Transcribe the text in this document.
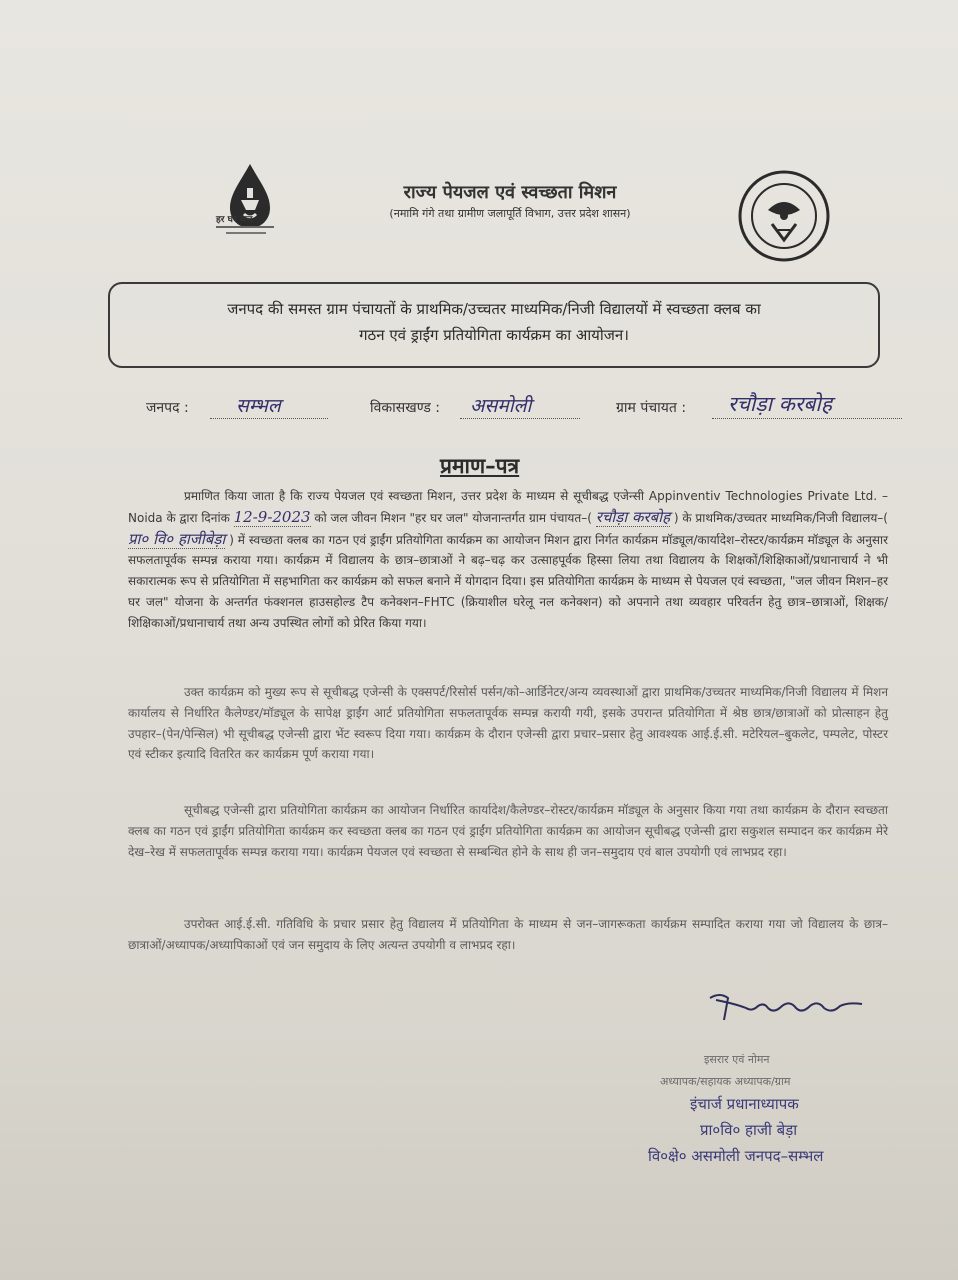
हर घर जल
राज्य पेयजल एवं स्वच्छता मिशन
(नमामि गंगे तथा ग्रामीण जलापूर्ति विभाग, उत्तर प्रदेश शासन)
जनपद की समस्त ग्राम पंचायतों के प्राथमिक/उच्चतर माध्यमिक/निजी विद्यालयों में स्वच्छता क्लब का
गठन एवं ड्राईंग प्रतियोगिता कार्यक्रम का आयोजन।
जनपद : सम्भल	विकासखण्ड : असमोली	ग्राम पंचायत : रचौड़ा करबोह
प्रमाण–पत्र
प्रमाणित किया जाता है कि राज्य पेयजल एवं स्वच्छता मिशन, उत्तर प्रदेश के माध्यम से सूचीबद्ध एजेन्सी Appinventiv Technologies Private Ltd. – Noida के द्वारा दिनांक 12-9-2023 को जल जीवन मिशन "हर घर जल" योजनान्तर्गत ग्राम पंचायत–( रचौड़ा करबोह ) के प्राथमिक/उच्चतर माध्यमिक/निजी विद्यालय–( प्रा० वि० हाजीबेड़ा ) में स्वच्छता क्लब का गठन एवं ड्राईंग प्रतियोगिता कार्यक्रम का आयोजन मिशन द्वारा निर्गत कार्यक्रम मॉड्यूल/कार्यादेश–रोस्टर/कार्यक्रम मॉड्यूल के अनुसार सफलतापूर्वक सम्पन्न कराया गया। कार्यक्रम में विद्यालय के छात्र–छात्राओं ने बढ़–चढ़ कर उत्साहपूर्वक हिस्सा लिया तथा विद्यालय के शिक्षकों/शिक्षिकाओं/प्रधानाचार्य ने भी सकारात्मक रूप से प्रतियोगिता में सहभागिता कर कार्यक्रम को सफल बनाने में योगदान दिया। इस प्रतियोगिता कार्यक्रम के माध्यम से पेयजल एवं स्वच्छता, "जल जीवन मिशन–हर घर जल" योजना के अन्तर्गत फंक्शनल हाउसहोल्ड टैप कनेक्शन–FHTC (क्रियाशील घरेलू नल कनेक्शन) को अपनाने तथा व्यवहार परिवर्तन हेतु छात्र–छात्राओं, शिक्षक/शिक्षिकाओं/प्रधानाचार्य तथा अन्य उपस्थित लोगों को प्रेरित किया गया।
उक्त कार्यक्रम को मुख्य रूप से सूचीबद्ध एजेन्सी के एक्सपर्ट/रिसोर्स पर्सन/को–आर्डिनेटर/अन्य व्यवस्थाओं द्वारा प्राथमिक/उच्चतर माध्यमिक/निजी विद्यालय में मिशन कार्यालय से निर्धारित कैलेण्डर/मॉड्यूल के सापेक्ष ड्राईंग आर्ट प्रतियोगिता सफलतापूर्वक सम्पन्न करायी गयी, इसके उपरान्त प्रतियोगिता में श्रेष्ठ छात्र/छात्राओं को प्रोत्साहन हेतु उपहार–(पेन/पेन्सिल) भी सूचीबद्ध एजेन्सी द्वारा भेंट स्वरूप दिया गया। कार्यक्रम के दौरान एजेन्सी द्वारा प्रचार–प्रसार हेतु आवश्यक आई.ई.सी. मटेरियल–बुकलेट, पम्पलेट, पोस्टर एवं स्टीकर इत्यादि वितरित कर कार्यक्रम पूर्ण कराया गया।
सूचीबद्ध एजेन्सी द्वारा प्रतियोगिता कार्यक्रम का आयोजन निर्धारित कार्यादेश/कैलेण्डर–रोस्टर/कार्यक्रम मॉड्यूल के अनुसार किया गया तथा कार्यक्रम के दौरान स्वच्छता क्लब का गठन एवं ड्राईंग प्रतियोगिता कार्यक्रम कर स्वच्छता क्लब का गठन एवं ड्राईंग प्रतियोगिता कार्यक्रम का आयोजन सूचीबद्ध एजेन्सी द्वारा सकुशल सम्पादन कर कार्यक्रम मेरे देख–रेख में सफलतापूर्वक सम्पन्न कराया गया। कार्यक्रम पेयजल एवं स्वच्छता से सम्बन्धित होने के साथ ही जन–समुदाय एवं बाल उपयोगी एवं लाभप्रद रहा।
उपरोक्त आई.ई.सी. गतिविधि के प्रचार प्रसार हेतु विद्यालय में प्रतियोगिता के माध्यम से जन–जागरूकता कार्यक्रम सम्पादित कराया गया जो विद्यालय के छात्र–छात्राओं/अध्यापक/अध्यापिकाओं एवं जन समुदाय के लिए अत्यन्त उपयोगी व लाभप्रद रहा।
इसरार एवं नोमन
अध्यापक/सहायक अध्यापक/ग्राम
इंचार्ज प्रधानाध्यापक
प्रा०वि० हाजी बेड़ा
वि०क्षे० असमोली जनपद–सम्भल
